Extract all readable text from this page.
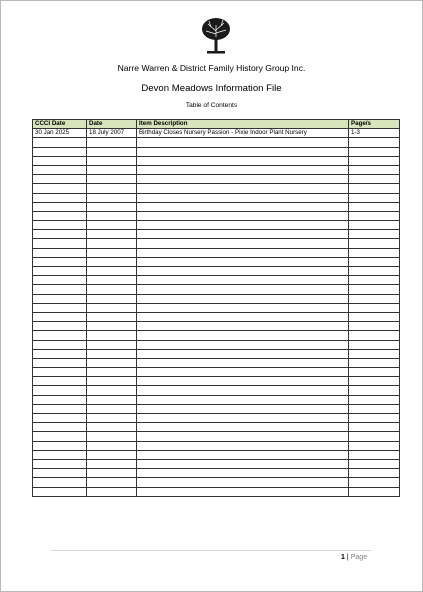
Narre Warren & District Family History Group Inc.
Devon Meadows Information File
Table of Contents
CCCI Date	Date	Item Description	Page/s
30 Jan 2025	18 July 2007	Birthday Closes Nursery Passion - Pixie Indoor Plant Nursery	1-3

1 | Page
